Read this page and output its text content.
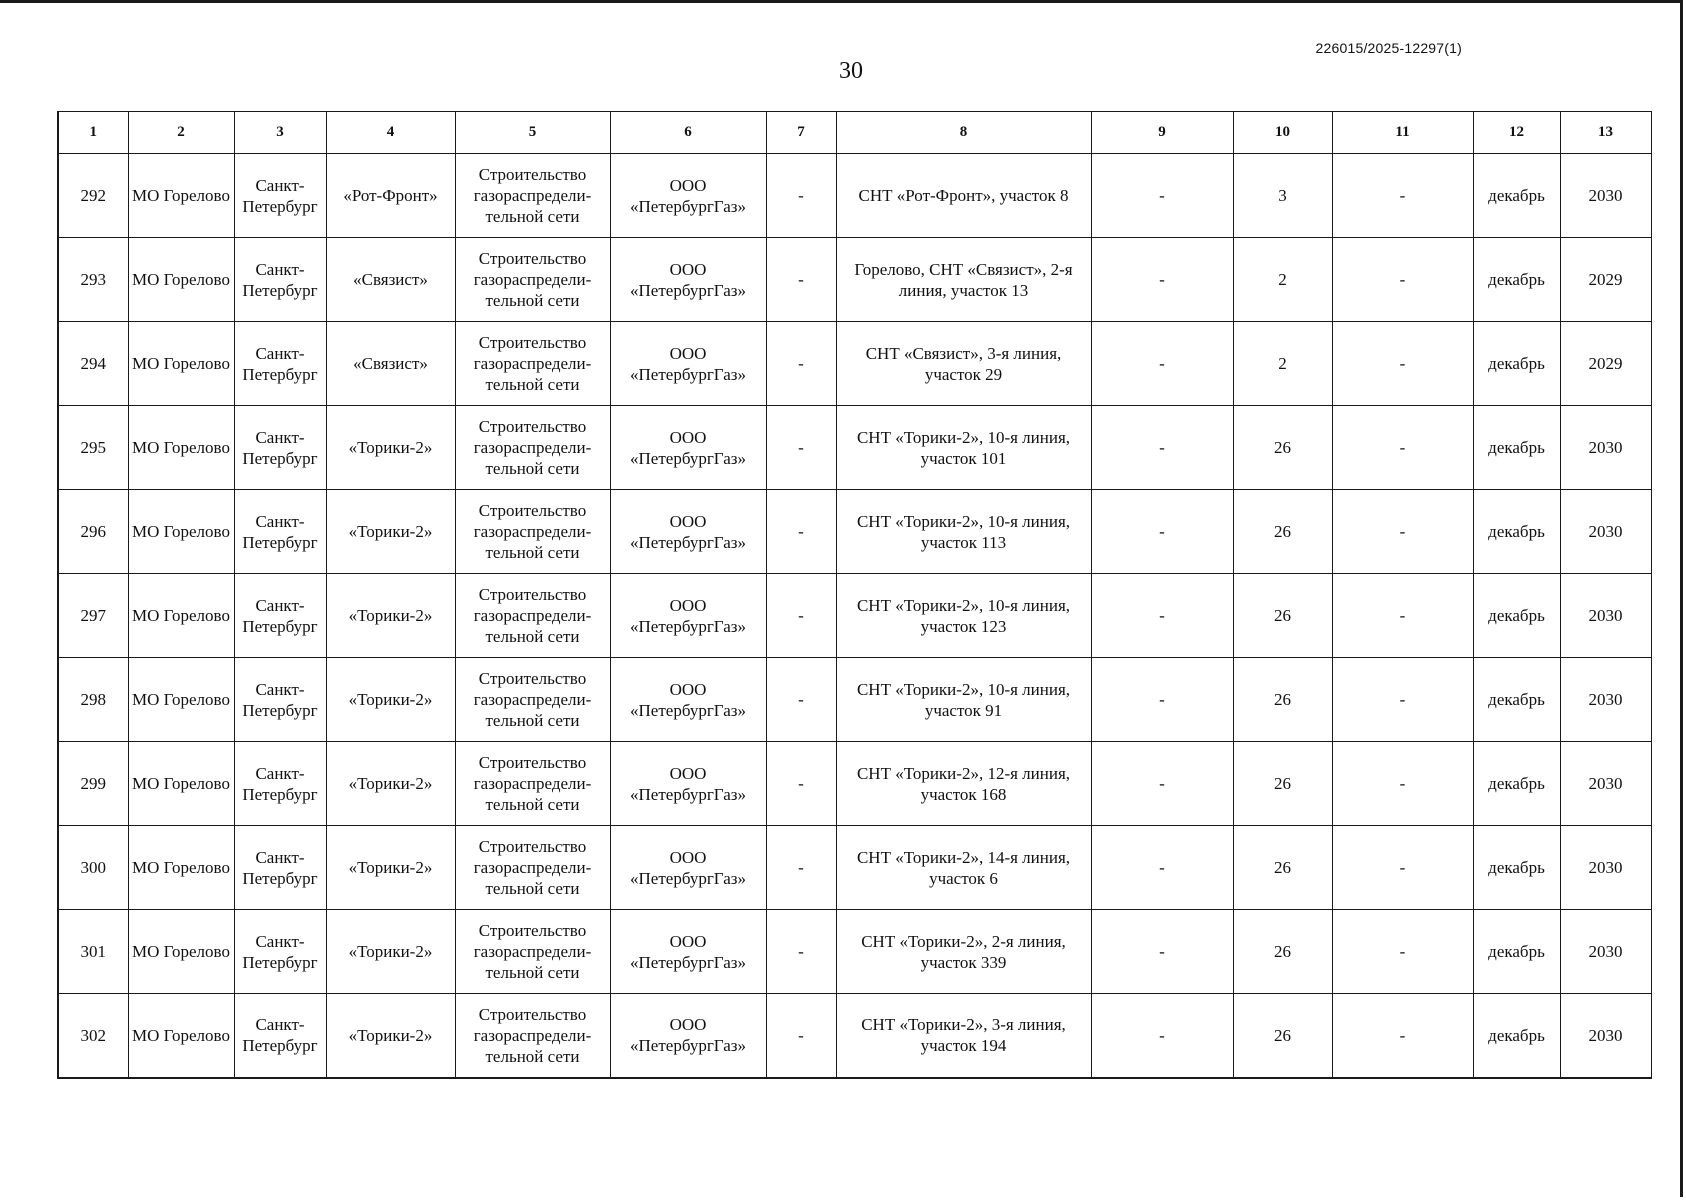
226015/2025-12297(1)
30
1	2	3	4	5	6	7	8	9	10	11	12	13
292	МО Горелово	Санкт-Петербург	«Рот-Фронт»	Строительство газораспредели-тельной сети	ООО «ПетербургГаз»	-	СНТ «Рот-Фронт», участок 8	-	3	-	декабрь	2030
293	МО Горелово	Санкт-Петербург	«Связист»	Строительство газораспредели-тельной сети	ООО «ПетербургГаз»	-	Горелово, СНТ «Связист», 2-я линия, участок 13	-	2	-	декабрь	2029
294	МО Горелово	Санкт-Петербург	«Связист»	Строительство газораспредели-тельной сети	ООО «ПетербургГаз»	-	СНТ «Связист», 3-я линия, участок 29	-	2	-	декабрь	2029
295	МО Горелово	Санкт-Петербург	«Торики-2»	Строительство газораспредели-тельной сети	ООО «ПетербургГаз»	-	СНТ «Торики-2», 10-я линия, участок 101	-	26	-	декабрь	2030
296	МО Горелово	Санкт-Петербург	«Торики-2»	Строительство газораспредели-тельной сети	ООО «ПетербургГаз»	-	СНТ «Торики-2», 10-я линия, участок 113	-	26	-	декабрь	2030
297	МО Горелово	Санкт-Петербург	«Торики-2»	Строительство газораспредели-тельной сети	ООО «ПетербургГаз»	-	СНТ «Торики-2», 10-я линия, участок 123	-	26	-	декабрь	2030
298	МО Горелово	Санкт-Петербург	«Торики-2»	Строительство газораспредели-тельной сети	ООО «ПетербургГаз»	-	СНТ «Торики-2», 10-я линия, участок 91	-	26	-	декабрь	2030
299	МО Горелово	Санкт-Петербург	«Торики-2»	Строительство газораспредели-тельной сети	ООО «ПетербургГаз»	-	СНТ «Торики-2», 12-я линия, участок 168	-	26	-	декабрь	2030
300	МО Горелово	Санкт-Петербург	«Торики-2»	Строительство газораспредели-тельной сети	ООО «ПетербургГаз»	-	СНТ «Торики-2», 14-я линия, участок 6	-	26	-	декабрь	2030
301	МО Горелово	Санкт-Петербург	«Торики-2»	Строительство газораспредели-тельной сети	ООО «ПетербургГаз»	-	СНТ «Торики-2», 2-я линия, участок 339	-	26	-	декабрь	2030
302	МО Горелово	Санкт-Петербург	«Торики-2»	Строительство газораспредели-тельной сети	ООО «ПетербургГаз»	-	СНТ «Торики-2», 3-я линия, участок 194	-	26	-	декабрь	2030
